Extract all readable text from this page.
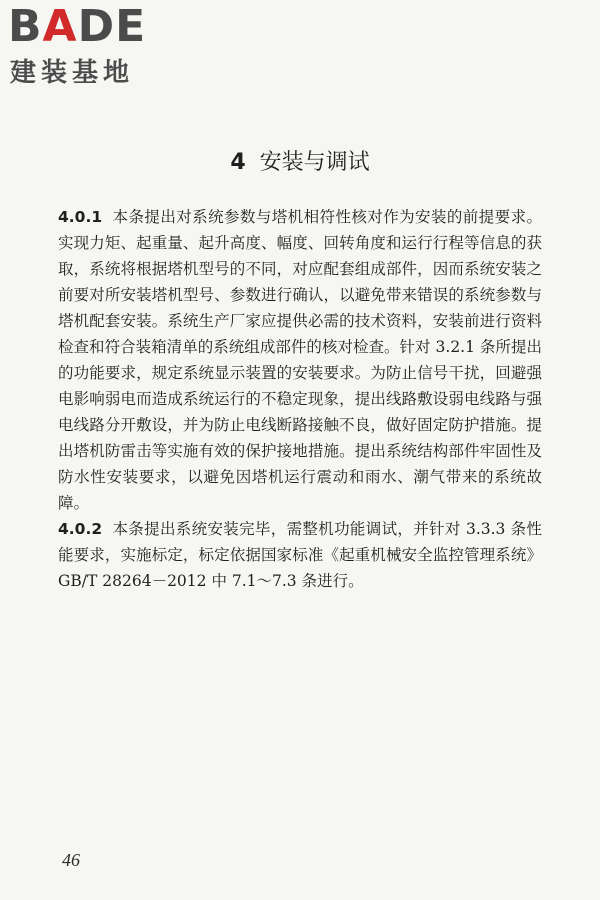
BADE
建装基地
4 安装与调试

4.0.1 本条提出对系统参数与塔机相符性核对作为安装的前提要求。实现力矩、起重量、起升高度、幅度、回转角度和运行行程等信息的获取，系统将根据塔机型号的不同，对应配套组成部件，因而系统安装之前要对所安装塔机型号、参数进行确认，以避免带来错误的系统参数与塔机配套安装。系统生产厂家应提供必需的技术资料，安装前进行资料检查和符合装箱清单的系统组成部件的核对检查。针对 3.2.1 条所提出的功能要求，规定系统显示装置的安装要求。为防止信号干扰，回避强电影响弱电而造成系统运行的不稳定现象，提出线路敷设弱电线路与强电线路分开敷设，并为防止电线断路接触不良，做好固定防护措施。提出塔机防雷击等实施有效的保护接地措施。提出系统结构部件牢固性及防水性安装要求，以避免因塔机运行震动和雨水、潮气带来的系统故障。

4.0.2 本条提出系统安装完毕，需整机功能调试，并针对 3.3.3 条性能要求，实施标定，标定依据国家标准《起重机械安全监控管理系统》GB/T 28264－2012 中 7.1～7.3 条进行。

46
